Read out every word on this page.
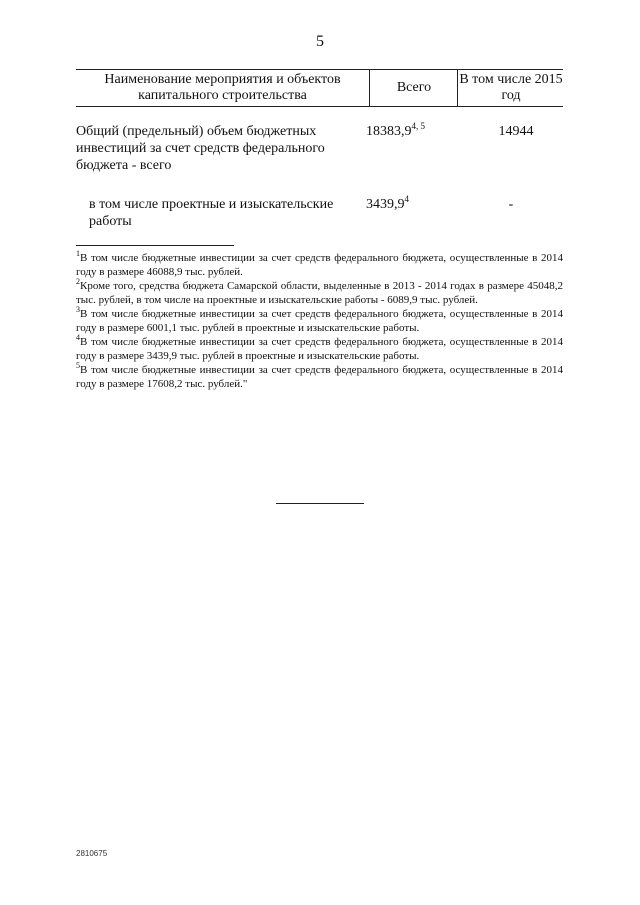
5
Наименование мероприятия и объектов капитального строительства
Всего
В том числе 2015 год
Общий (предельный) объем бюджетных инвестиций за счет средств федерального бюджета - всего
18383,9$^{4, 5}$	14944
в том числе проектные и изыскательские работы
3439,9$^4$	-

$^1$В том числе бюджетные инвестиции за счет средств федерального бюджета, осуществленные в 2014 году в размере 46088,9 тыс. рублей.

$^2$Кроме того, средства бюджета Самарской области, выделенные в 2013 - 2014 годах в размере 45048,2 тыс. рублей, в том числе на проектные и изыскательские работы - 6089,9 тыс. рублей.

$^3$В том числе бюджетные инвестиции за счет средств федерального бюджета, осуществленные в 2014 году в размере 6001,1 тыс. рублей в проектные и изыскательские работы.

$^4$В том числе бюджетные инвестиции за счет средств федерального бюджета, осуществленные в 2014 году в размере 3439,9 тыс. рублей в проектные и изыскательские работы.

$^5$В том числе бюджетные инвестиции за счет средств федерального бюджета, осуществленные в 2014 году в размере 17608,2 тыс. рублей."

2810675
